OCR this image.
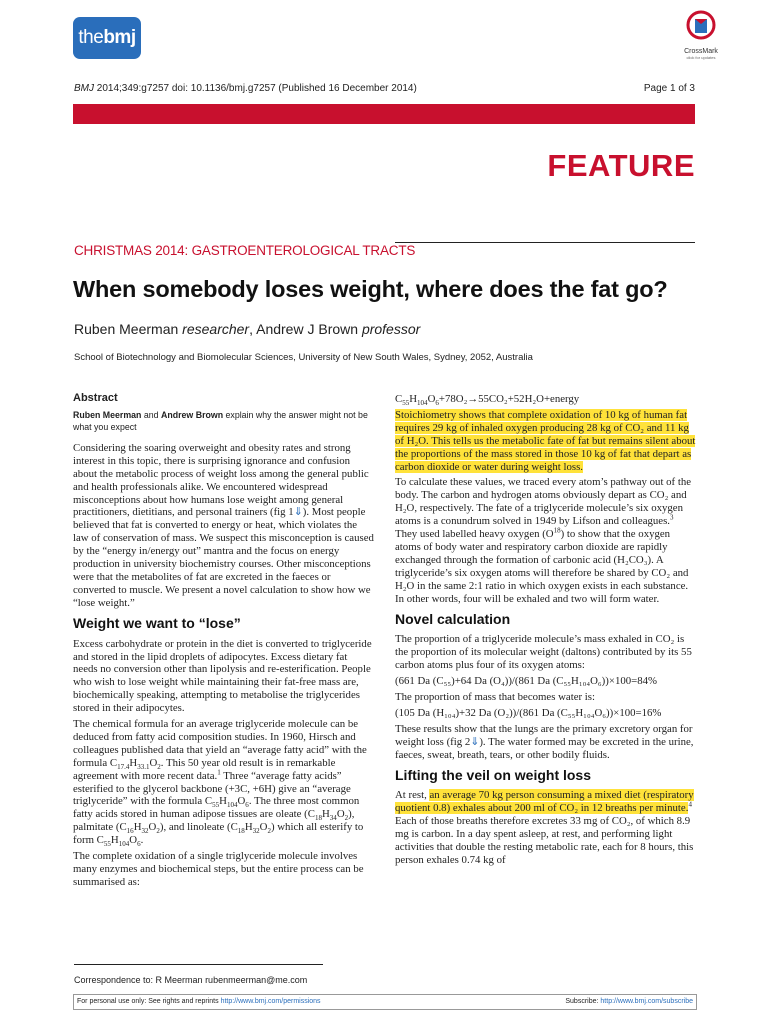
thebmj
CrossMark
click for updates
BMJ 2014;349:g7257 doi: 10.1136/bmj.g7257 (Published 16 December 2014)	Page 1 of 3
FEATURE
CHRISTMAS 2014: GASTROENTEROLOGICAL TRACTS
When somebody loses weight, where does the fat go?
Ruben Meerman researcher, Andrew J Brown professor
School of Biotechnology and Biomolecular Sciences, University of New South Wales, Sydney, 2052, Australia
Abstract
Ruben Meerman and Andrew Brown explain why the answer might not be what you expect

Considering the soaring overweight and obesity rates and strong interest in this topic, there is surprising ignorance and confusion about the metabolic process of weight loss among the general public and health professionals alike. We encountered widespread misconceptions about how humans lose weight among general practitioners, dietitians, and personal trainers (fig 1⇓). Most people believed that fat is converted to energy or heat, which violates the law of conservation of mass. We suspect this misconception is caused by the “energy in/energy out” mantra and the focus on energy production in university biochemistry courses. Other misconceptions were that the metabolites of fat are excreted in the faeces or converted to muscle. We present a novel calculation to show how we “lose weight.”

Weight we want to “lose”

Excess carbohydrate or protein in the diet is converted to triglyceride and stored in the lipid droplets of adipocytes. Excess dietary fat needs no conversion other than lipolysis and re-esterification. People who wish to lose weight while maintaining their fat-free mass are, biochemically speaking, attempting to metabolise the triglycerides stored in their adipocytes.

The chemical formula for an average triglyceride molecule can be deduced from fatty acid composition studies. In 1960, Hirsch and colleagues published data that yield an “average fatty acid” with the formula $C_{17.4}H_{33.1}O_2$. This 50 year old result is in remarkable agreement with more recent data.$^1$ Three “average fatty acids” esterified to the glycerol backbone (+3C, +6H) give an “average triglyceride” with the formula $C_{55}H_{104}O_6$. The three most common fatty acids stored in human adipose tissues are oleate $(C_{18}H_{34}O_2)$, palmitate $(C_{16}H_{32}O_2)$, and linoleate $(C_{18}H_{32}O_2)$ which all esterify to form $C_{55}H_{104}O_6$.

The complete oxidation of a single triglyceride molecule involves many enzymes and biochemical steps, but the entire process can be summarised as:

$C_{55}H_{104}O_6+78O_2\to 55CO_2+52H_2O+energy$

Stoichiometry shows that complete oxidation of 10 kg of human fat requires 29 kg of inhaled oxygen producing 28 kg of CO₂ and 11 kg of H₂O. This tells us the metabolic fate of fat but remains silent about the proportions of the mass stored in those 10 kg of fat that depart as carbon dioxide or water during weight loss.

To calculate these values, we traced every atom’s pathway out of the body. The carbon and hydrogen atoms obviously depart as CO₂ and H₂O, respectively. The fate of a triglyceride molecule’s six oxygen atoms is a conundrum solved in 1949 by Lifson and colleagues.$^3$ They used labelled heavy oxygen $(O^{18})$ to show that the oxygen atoms of body water and respiratory carbon dioxide are rapidly exchanged through the formation of carbonic acid (H₂CO₃). A triglyceride’s six oxygen atoms will therefore be shared by CO₂ and H₂O in the same 2:1 ratio in which oxygen exists in each substance. In other words, four will be exhaled and two will form water.

Novel calculation

The proportion of a triglyceride molecule’s mass exhaled in CO₂ is the proportion of its molecular weight (daltons) contributed by its 55 carbon atoms plus four of its oxygen atoms:

(661 Da (C₅₅)+64 Da (O₄))/(861 Da (C₅₅H₁₀₄O₆))×100=84%

The proportion of mass that becomes water is:

(105 Da (H₁₀₄)+32 Da (O₂))/(861 Da (C₅₅H₁₀₄O₆))×100=16%

These results show that the lungs are the primary excretory organ for weight loss (fig 2⇓). The water formed may be excreted in the urine, faeces, sweat, breath, tears, or other bodily fluids.

Lifting the veil on weight loss

At rest, an average 70 kg person consuming a mixed diet (respiratory quotient 0.8) exhales about 200 ml of CO₂ in 12 breaths per minute.$^4$ Each of those breaths therefore excretes 33 mg of CO₂, of which 8.9 mg is carbon. In a day spent asleep, at rest, and performing light activities that double the resting metabolic rate, each for 8 hours, this person exhales 0.74 kg of

Correspondence to: R Meerman rubenmeerman@me.com
For personal use only: See rights and reprints http://www.bmj.com/permissions	Subscribe: http://www.bmj.com/subscribe
